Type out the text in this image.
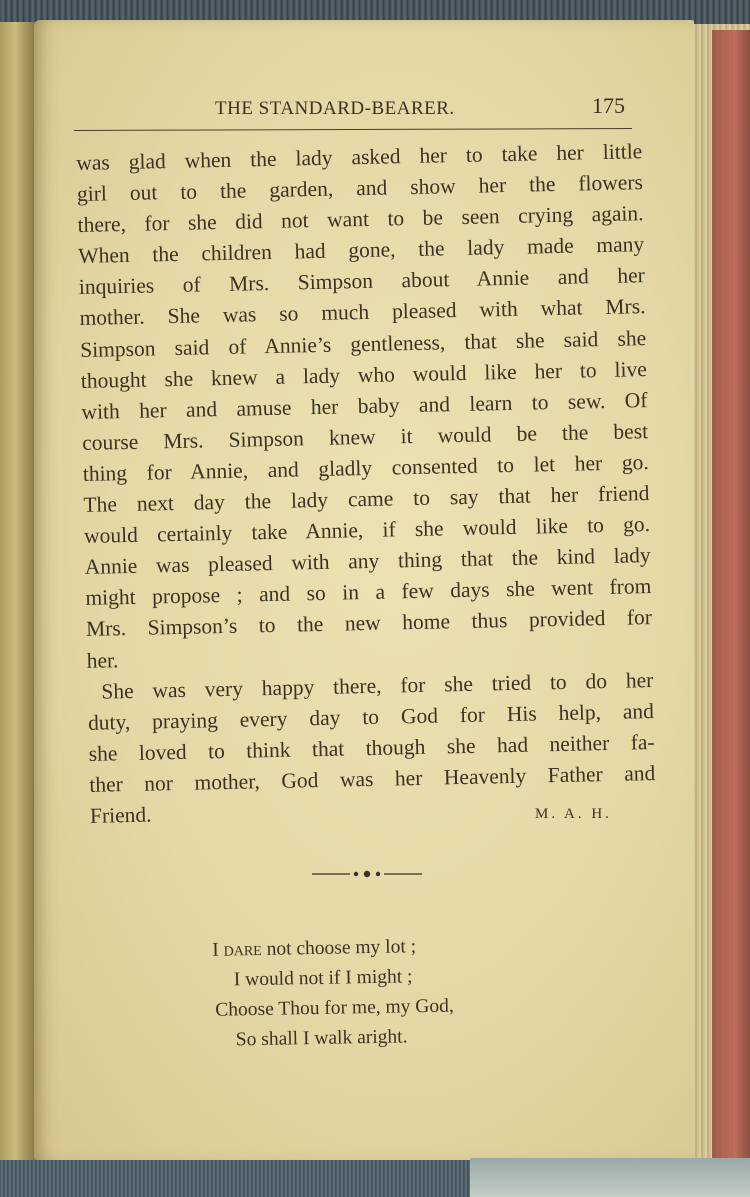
THE STANDARD-BEARER.	175
was glad when the lady asked her to take her little
girl out to the garden, and show her the flowers
there, for she did not want to be seen crying again.
When the children had gone, the lady made many
inquiries of Mrs. Simpson about Annie and her
mother. She was so much pleased with what Mrs.
Simpson said of Annie’s gentleness, that she said she
thought she knew a lady who would like her to live
with her and amuse her baby and learn to sew. Of
course Mrs. Simpson knew it would be the best
thing for Annie, and gladly consented to let her go.
The next day the lady came to say that her friend
would certainly take Annie, if she would like to go.
Annie was pleased with any thing that the kind lady
might propose ; and so in a few days she went from
Mrs. Simpson’s to the new home thus provided for
her.
She was very happy there, for she tried to do her
duty, praying every day to God for His help, and
she loved to think that though she had neither fa-
ther nor mother, God was her Heavenly Father and
Friend.	M. A. H.
I dare not choose my lot ;
I would not if I might ;
Choose Thou for me, my God,
So shall I walk aright.
